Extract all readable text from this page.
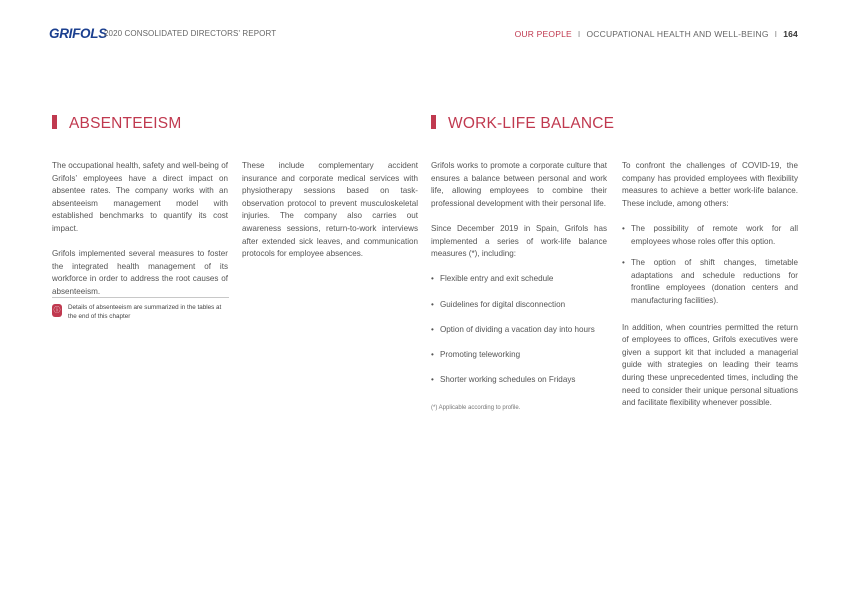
GRIFOLS
2020 CONSOLIDATED DIRECTORS' REPORT	OUR PEOPLE I OCCUPATIONAL HEALTH AND WELL-BEING I 164
ABSENTEEISM	WORK-LIFE BALANCE

The occupational health, safety and well-being of Grifols’ employees have a direct impact on absentee rates. The company works with an absenteeism management model with established benchmarks to quantify its cost impact.

Grifols implemented several measures to foster the integrated health management of its workforce in order to address the root causes of absenteeism.

ⓘ Details of absenteeism are summarized in the tables at the end of this chapter

These include complementary accident insurance and corporate medical services with physiotherapy sessions based on task-observation protocol to prevent musculoskeletal injuries. The company also carries out awareness sessions, return-to-work interviews after extended sick leaves, and communication protocols for employee absences.

Grifols works to promote a corporate culture that ensures a balance between personal and work life, allowing employees to combine their professional development with their personal life.

Since December 2019 in Spain, Grifols has implemented a series of work-life balance measures (*), including:

• Flexible entry and exit schedule
• Guidelines for digital disconnection
• Option of dividing a vacation day into hours
• Promoting teleworking
• Shorter working schedules on Fridays
(*) Applicable according to profile.

To confront the challenges of COVID-19, the company has provided employees with flexibility measures to achieve a better work-life balance. These include, among others:

• The possibility of remote work for all employees whose roles offer this option.
• The option of shift changes, timetable adaptations and schedule reductions for frontline employees (donation centers and manufacturing facilities).

In addition, when countries permitted the return of employees to offices, Grifols executives were given a support kit that included a managerial guide with strategies on leading their teams during these unprecedented times, including the need to consider their unique personal situations and facilitate flexibility whenever possible.
